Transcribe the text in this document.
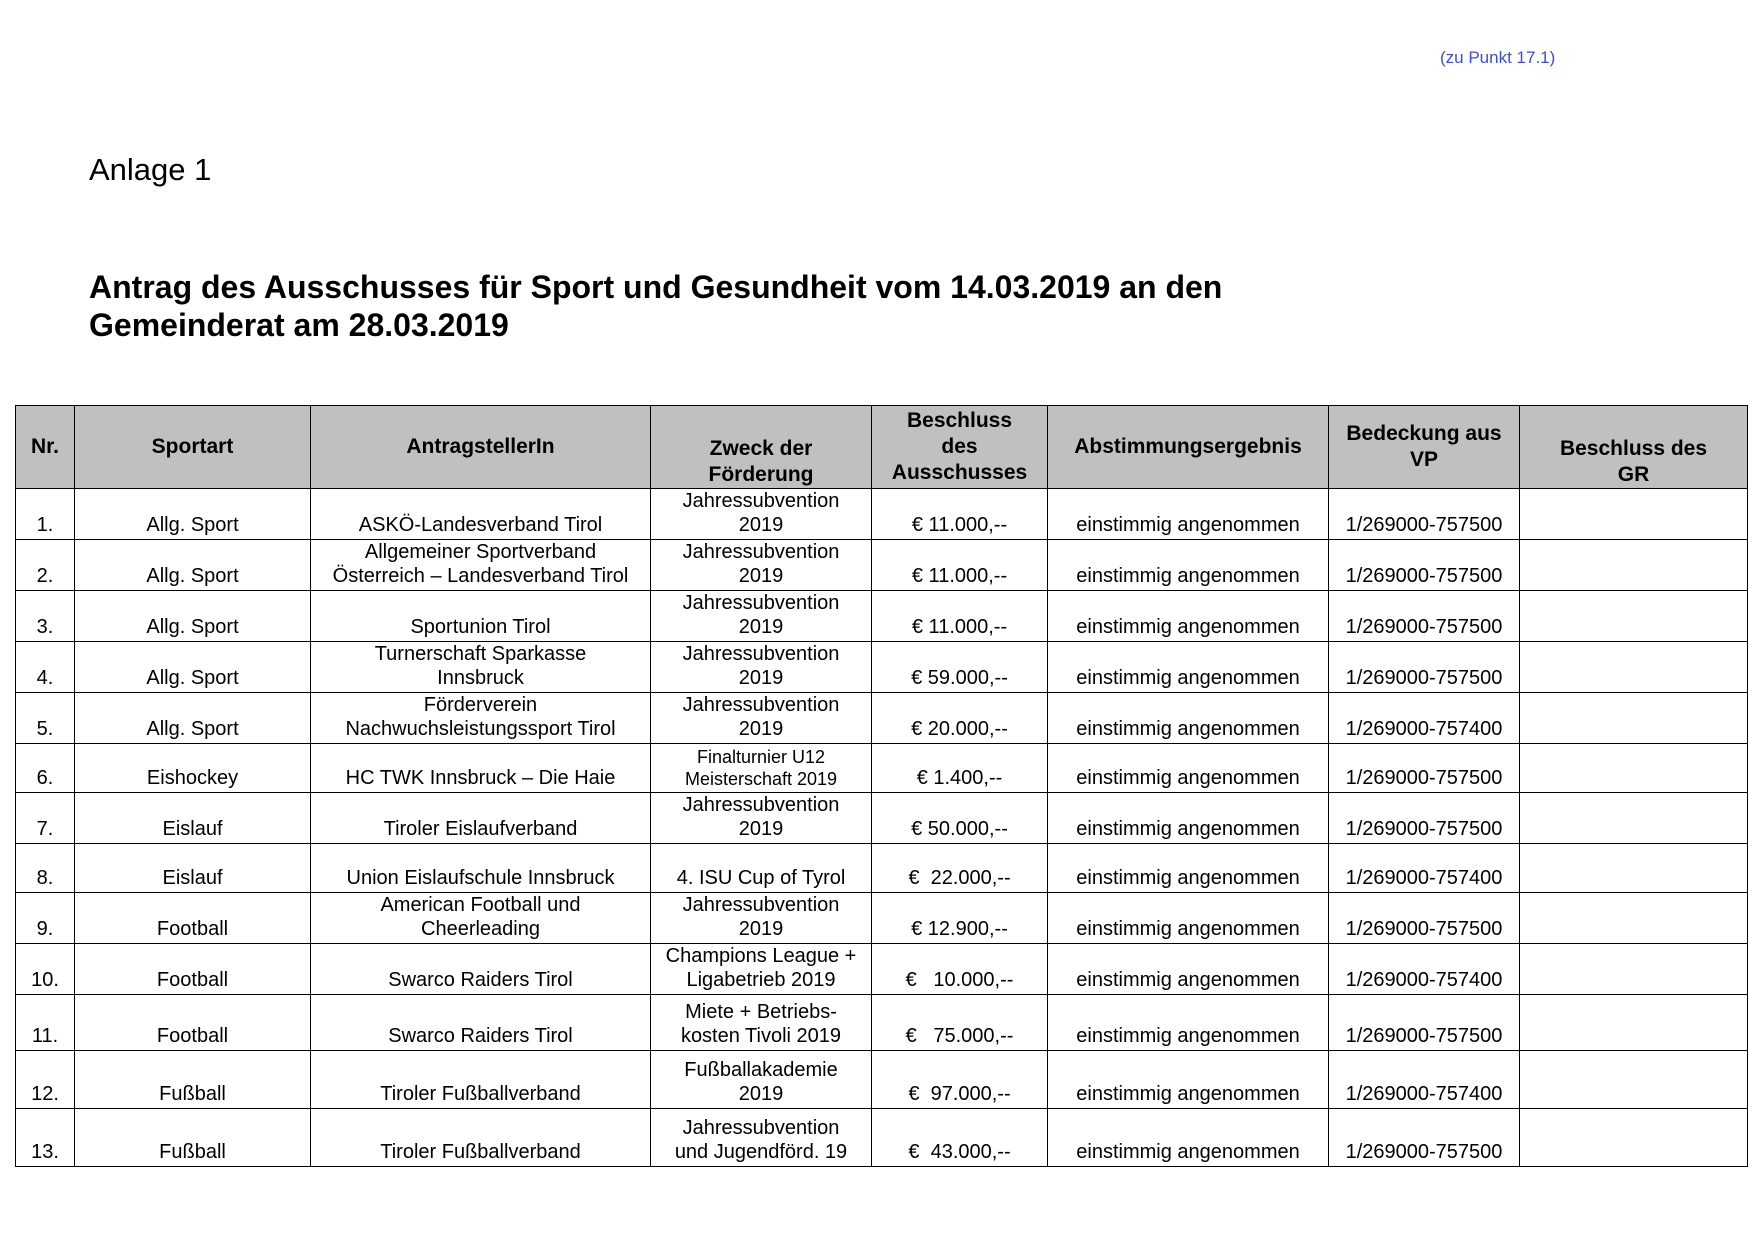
(zu Punkt 17.1)
Anlage 1
Antrag des Ausschusses für Sport und Gesundheit vom 14.03.2019 an den
Gemeinderat am 28.03.2019
Nr.	Sportart	AntragstellerIn	Zweck der
Förderung	Beschluss
des
Ausschusses	Abstimmungsergebnis	Bedeckung aus
VP	Beschluss des
GR
1.	Allg. Sport	ASKÖ-Landesverband Tirol	Jahressubvention
2019	€ 11.000,--	einstimmig angenommen	1/269000-757500	
2.	Allg. Sport	Allgemeiner Sportverband
Österreich – Landesverband Tirol	Jahressubvention
2019	€ 11.000,--	einstimmig angenommen	1/269000-757500	
3.	Allg. Sport	Sportunion Tirol	Jahressubvention
2019	€ 11.000,--	einstimmig angenommen	1/269000-757500	
4.	Allg. Sport	Turnerschaft Sparkasse
Innsbruck	Jahressubvention
2019	€ 59.000,--	einstimmig angenommen	1/269000-757500	
5.	Allg. Sport	Förderverein
Nachwuchsleistungssport Tirol	Jahressubvention
2019	€ 20.000,--	einstimmig angenommen	1/269000-757400	
6.	Eishockey	HC TWK Innsbruck – Die Haie	Finalturnier U12
Meisterschaft 2019	€ 1.400,--	einstimmig angenommen	1/269000-757500	
7.	Eislauf	Tiroler Eislaufverband	Jahressubvention
2019	€ 50.000,--	einstimmig angenommen	1/269000-757500	
8.	Eislauf	Union Eislaufschule Innsbruck	4. ISU Cup of Tyrol	€  22.000,--	einstimmig angenommen	1/269000-757400	
9.	Football	American Football und
Cheerleading	Jahressubvention
2019	€ 12.900,--	einstimmig angenommen	1/269000-757500	
10.	Football	Swarco Raiders Tirol	Champions League +
Ligabetrieb 2019	€   10.000,--	einstimmig angenommen	1/269000-757400	
11.	Football	Swarco Raiders Tirol	Miete + Betriebs-
kosten Tivoli 2019	€   75.000,--	einstimmig angenommen	1/269000-757500	
12.	Fußball	Tiroler Fußballverband	Fußballakademie
2019	€  97.000,--	einstimmig angenommen	1/269000-757400	
13.	Fußball	Tiroler Fußballverband	Jahressubvention
und Jugendförd. 19	€  43.000,--	einstimmig angenommen	1/269000-757500	
